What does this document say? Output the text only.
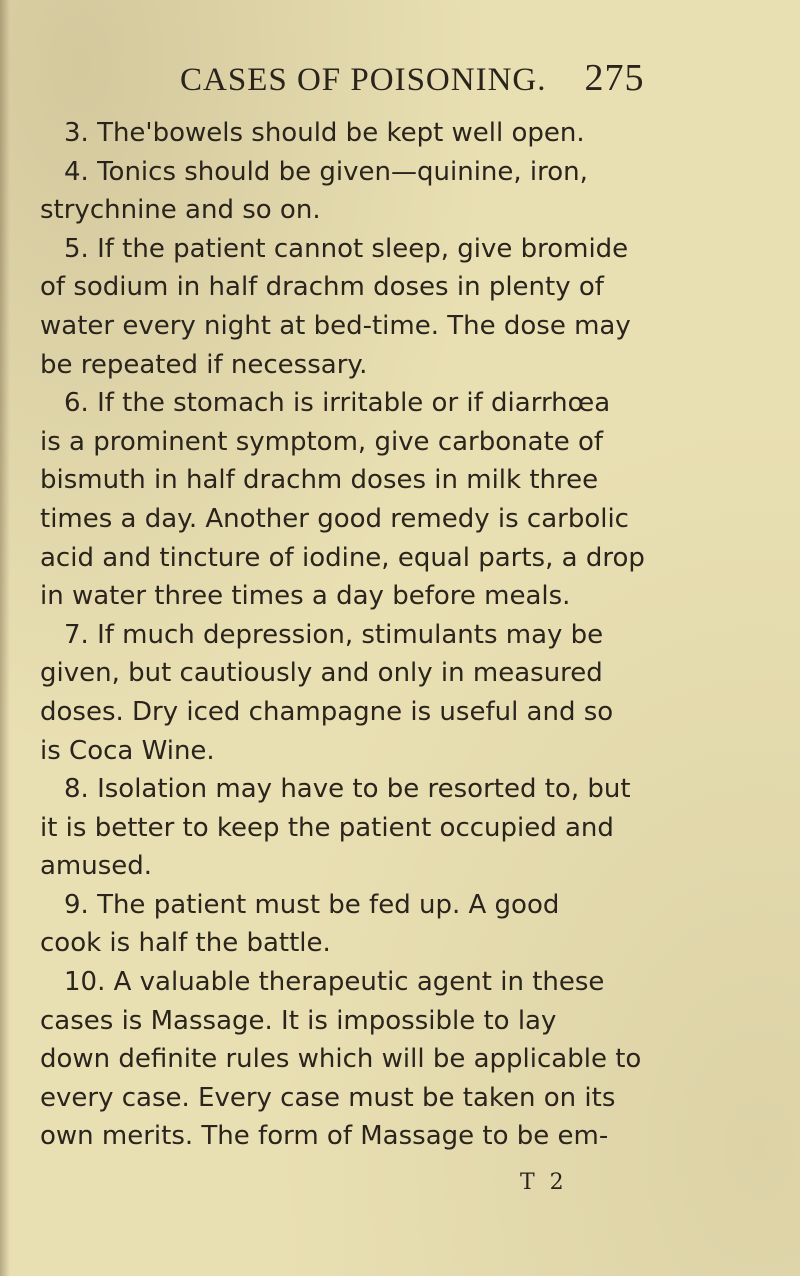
CASES OF POISONING. 275
3. The'bowels should be kept well open.
4. Tonics should be given—quinine, iron,
strychnine and so on.
5. If the patient cannot sleep, give bromide
of sodium in half drachm doses in plenty of
water every night at bed-time. The dose may
be repeated if necessary.
6. If the stomach is irritable or if diarrhœa
is a prominent symptom, give carbonate of
bismuth in half drachm doses in milk three
times a day. Another good remedy is carbolic
acid and tincture of iodine, equal parts, a drop
in water three times a day before meals.
7. If much depression, stimulants may be
given, but cautiously and only in measured
doses. Dry iced champagne is useful and so
is Coca Wine.
8. Isolation may have to be resorted to, but
it is better to keep the patient occupied and
amused.
9. The patient must be fed up. A good
cook is half the battle.
10. A valuable therapeutic agent in these
cases is Massage. It is impossible to lay
down definite rules which will be applicable to
every case. Every case must be taken on its
own merits. The form of Massage to be em-
T 2
